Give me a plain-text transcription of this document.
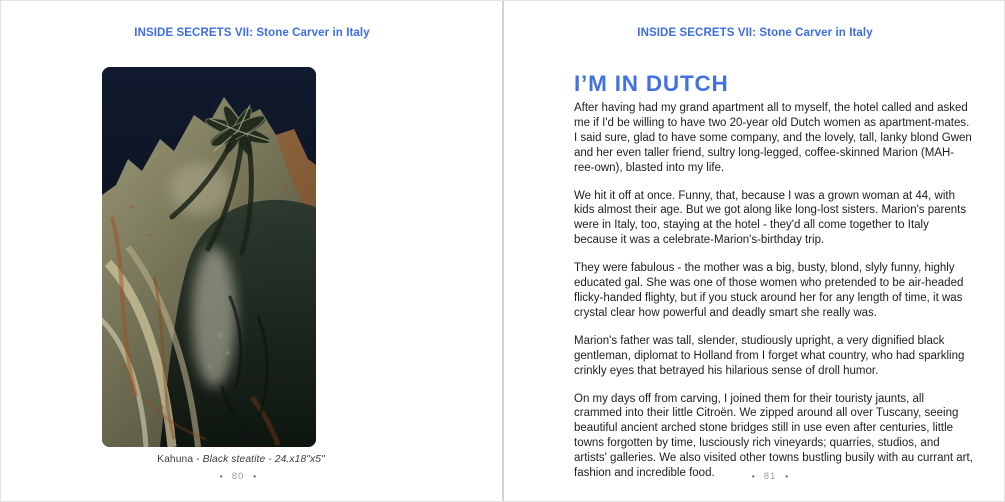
INSIDE SECRETS VII: Stone Carver in Italy
Kahuna - Black steatite - 24.x18"x5"
• 80 •
INSIDE SECRETS VII: Stone Carver in Italy
I’M IN DUTCH

After having had my grand apartment all to myself, the hotel called and asked me if I'd be willing to have two 20-year old Dutch women as apartment-mates. I said sure, glad to have some company, and the lovely, tall, lanky blond Gwen and her even taller friend, sultry long-legged, coffee-skinned Marion (MAH-ree-own), blasted into my life.

We hit it off at once. Funny, that, because I was a grown woman at 44, with kids almost their age. But we got along like long-lost sisters. Marion's parents were in Italy, too, staying at the hotel - they'd all come together to Italy because it was a celebrate-Marion's-birthday trip.

They were fabulous - the mother was a big, busty, blond, slyly funny, highly educated gal. She was one of those women who pretended to be air-headed flicky-handed flighty, but if you stuck around her for any length of time, it was crystal clear how powerful and deadly smart she really was.

Marion's father was tall, slender, studiously upright, a very dignified black gentleman, diplomat to Holland from I forget what country, who had sparkling crinkly eyes that betrayed his hilarious sense of droll humor.

On my days off from carving, I joined them for their touristy jaunts, all crammed into their little Citroën. We zipped around all over Tuscany, seeing beautiful ancient arched stone bridges still in use even after centuries, little towns forgotten by time, lusciously rich vineyards; quarries, studios, and artists' galleries. We also visited other towns bustling busily with au currant art, fashion and incredible food.	• 81 •
